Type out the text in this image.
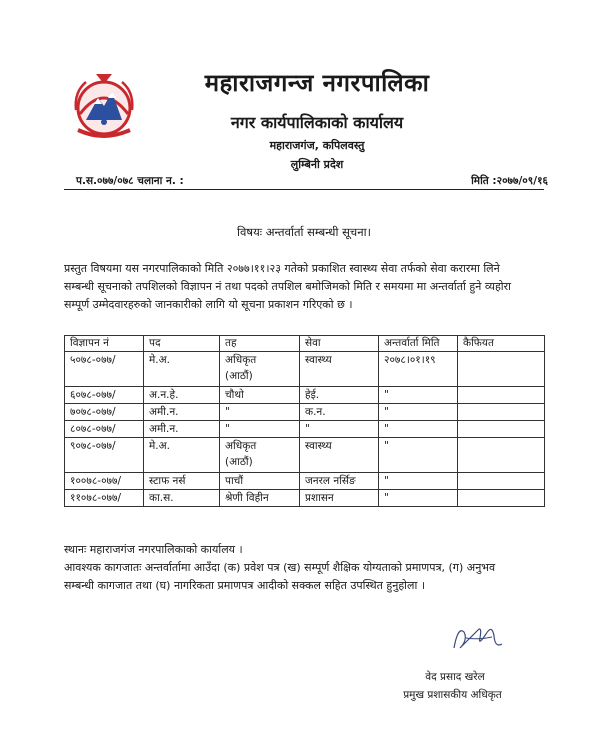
महाराजगन्ज नगरपालिका
नगर कार्यपालिकाको कार्यालय
महाराजगंज, कपिलवस्तु
लुम्बिनी प्रदेश
प.स.०७७/०७८ चलाना न. :	मिति :२०७७/०९/१६
विषयः अन्तर्वार्ता सम्बन्धी सूचना।
प्रस्तुत विषयमा यस नगरपालिकाको मिति २०७७।११।२३ गतेको प्रकाशित स्वास्थ्य सेवा तर्फको सेवा करारमा लिने
सम्बन्धी सूचनाको तपशिलको विज्ञापन नं तथा पदको तपशिल बमोजिमको मिति र समयमा मा अन्तर्वार्ता हुने व्यहोरा
सम्पूर्ण उम्मेदवारहरुको जानकारीको लागि यो सूचना प्रकाशन गरिएको छ ।
विज्ञापन नं	पद	तह	सेवा	अन्तर्वार्ता मिति	कैफियत
५०७८-०७७/	मे.अ.	अधिकृत
(आठौं)	स्वास्थ्य	२०७८।०१।१९	
६०७८-०७७/	अ.न.हे.	चौथो	हेई.	"	
७०७८-०७७/	अमी.न.	"	क.न.	"	
८०७८-०७७/	अमी.न.	"	"	"	
९०७८-०७७/	मे.अ.	अधिकृत
(आठौं)	स्वास्थ्य	"	
१००७८-०७७/	स्टाफ नर्स	पाचौं	जनरल नर्सिङ	"	
११०७८-०७७/	का.स.	श्रेणी विहीन	प्रशासन	"	
स्थानः महाराजगंज नगरपालिकाको कार्यालय ।
आवश्यक कागजातः अन्तर्वार्तामा आउँदा (क) प्रवेश पत्र (ख) सम्पूर्ण शैक्षिक योग्यताको प्रमाणपत्र, (ग) अनुभव
सम्बन्धी कागजात तथा (घ) नागरिकता प्रमाणपत्र आदीको सक्कल सहित उपस्थित हुनुहोला ।
वेद प्रसाद खरेल
प्रमुख प्रशासकीय अधिकृत
